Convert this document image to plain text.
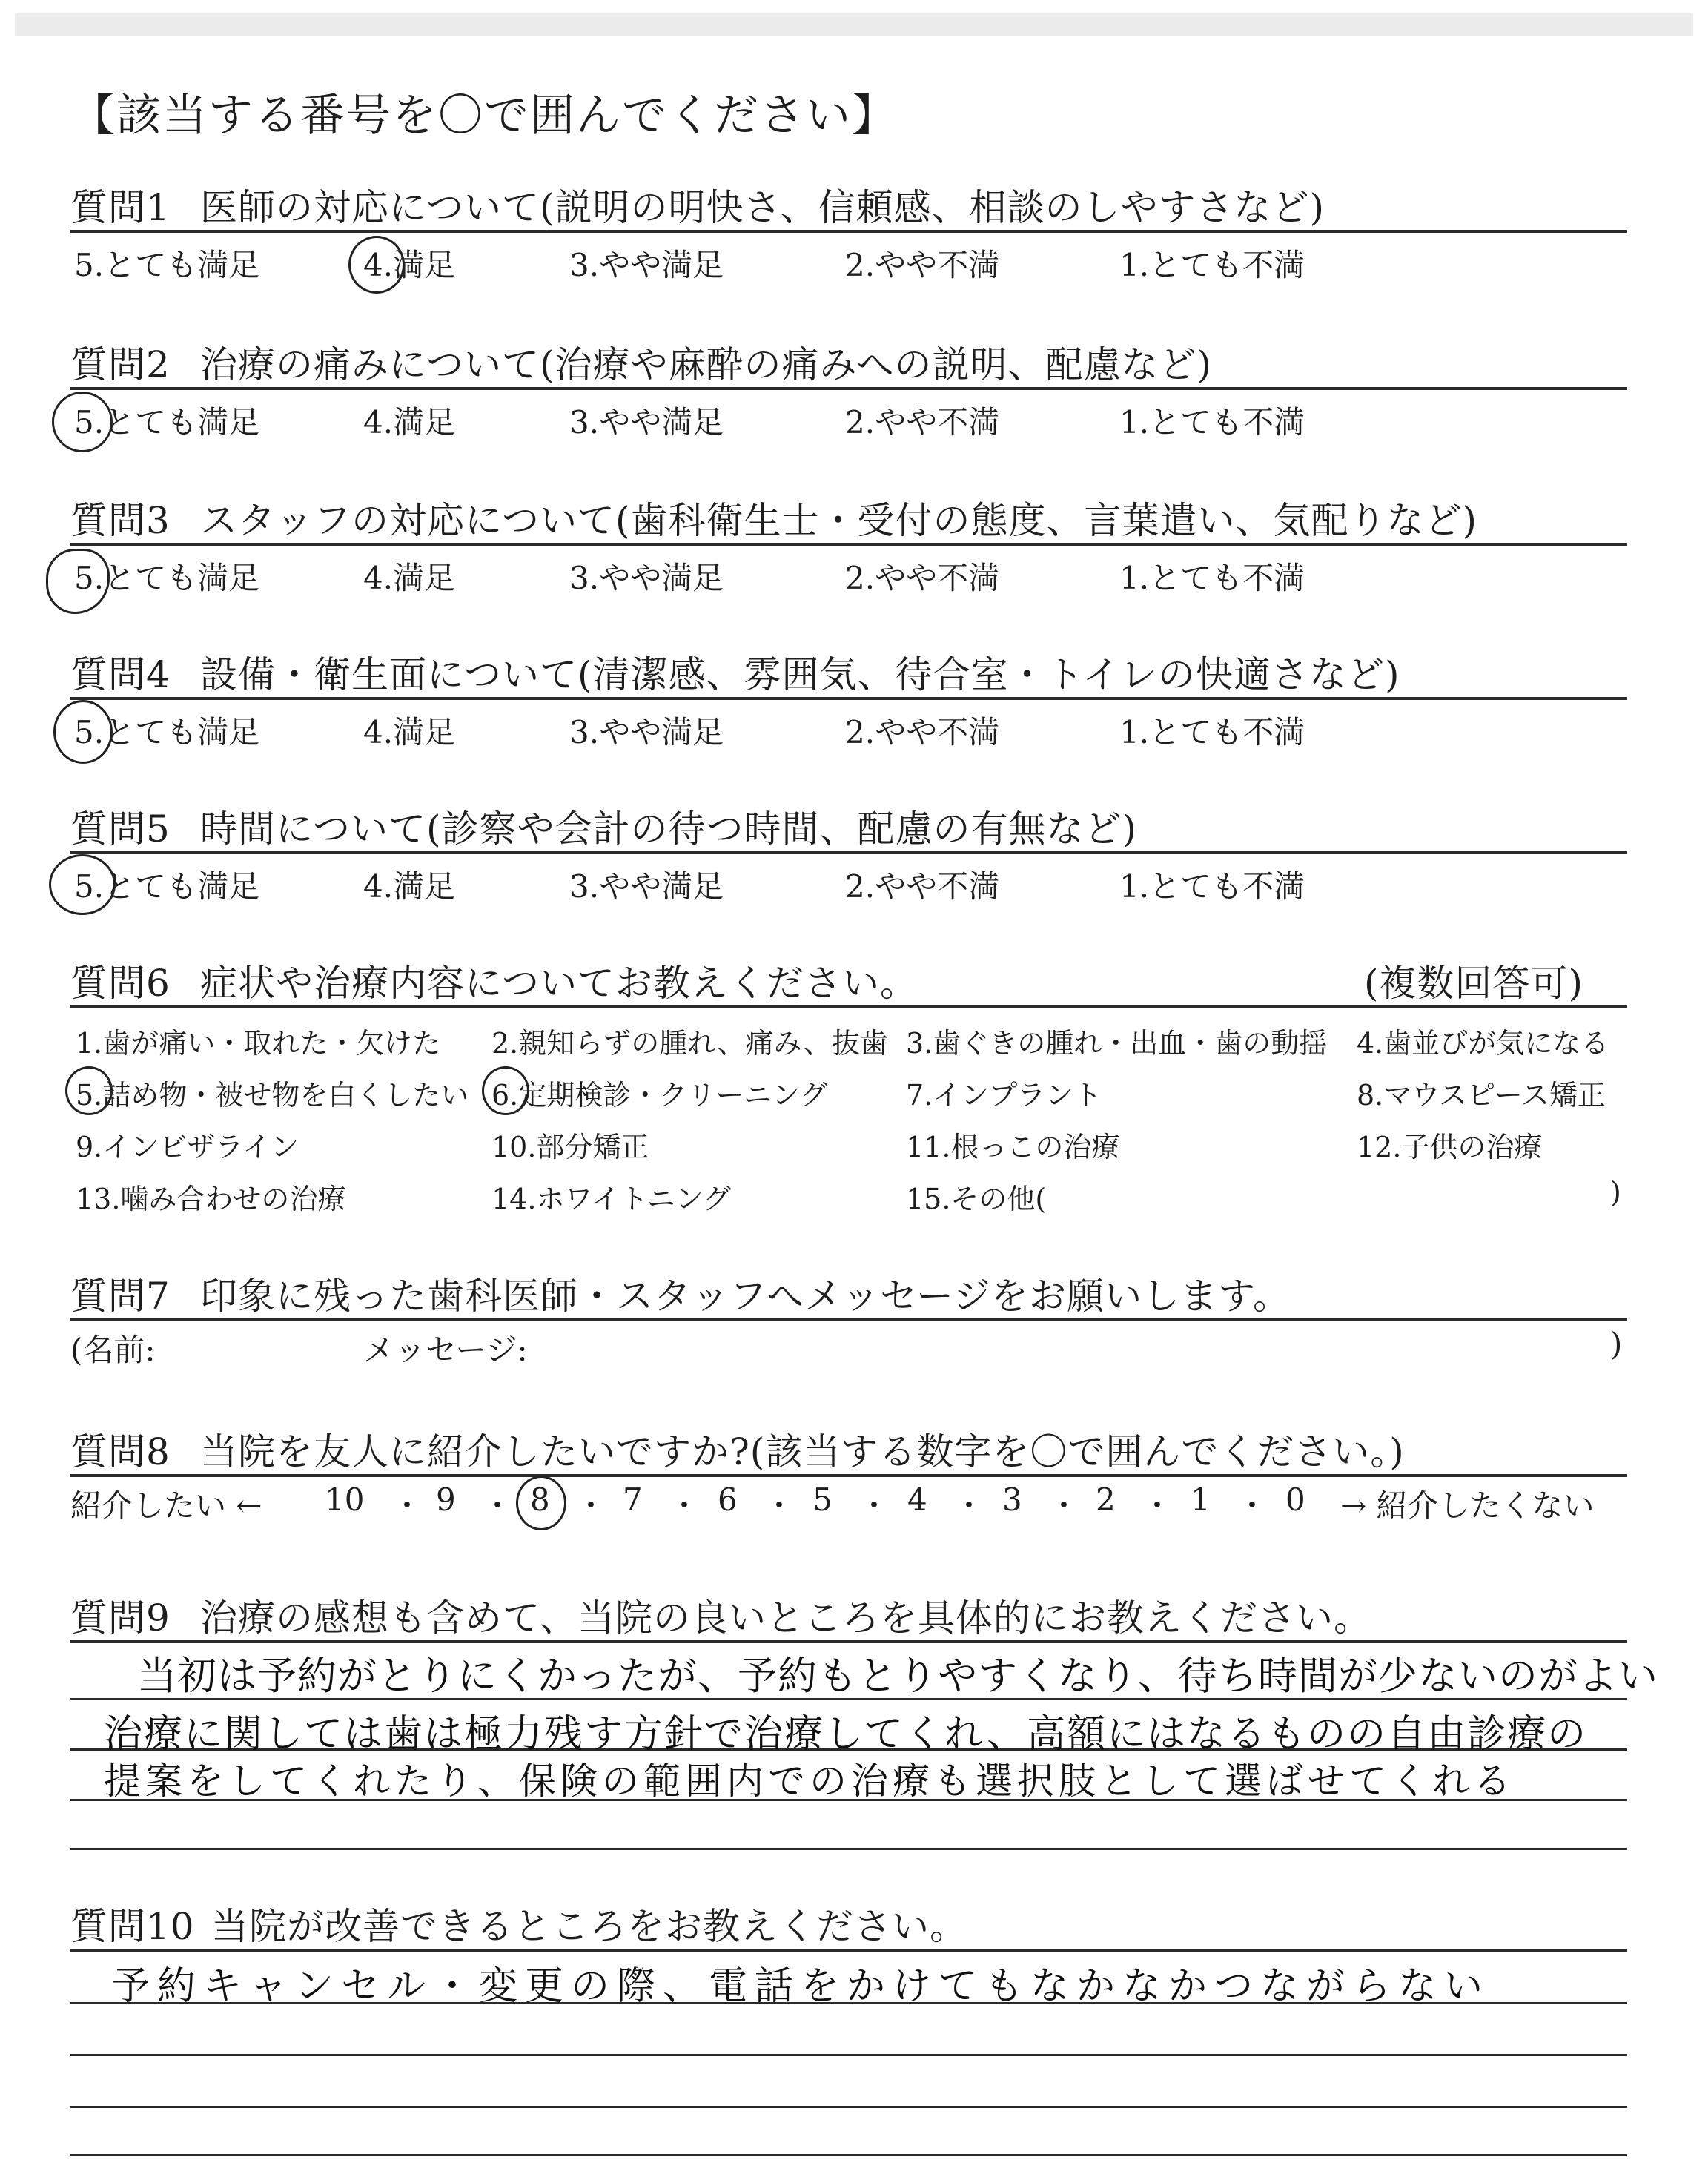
【該当する番号を〇で囲んでください】
質問1 医師の対応について(説明の明快さ、信頼感、相談のしやすさなど)
5.とても満足	4.満足	3.やや満足	2.やや不満	1.とても不満
質問2 治療の痛みについて(治療や麻酔の痛みへの説明、配慮など)
5.とても満足	4.満足	3.やや満足	2.やや不満	1.とても不満
質問3 スタッフの対応について(歯科衛生士・受付の態度、言葉遣い、気配りなど)
5.とても満足	4.満足	3.やや満足	2.やや不満	1.とても不満
質問4 設備・衛生面について(清潔感、雰囲気、待合室・トイレの快適さなど)
5.とても満足	4.満足	3.やや満足	2.やや不満	1.とても不満
質問5 時間について(診察や会計の待つ時間、配慮の有無など)
5.とても満足	4.満足	3.やや満足	2.やや不満	1.とても不満
質問6 症状や治療内容についてお教えください。	(複数回答可)
1.歯が痛い・取れた・欠けた 2.親知らずの腫れ、痛み、抜歯 3.歯ぐきの腫れ・出血・歯の動揺 4.歯並びが気になる
5.詰め物・被せ物を白くしたい 6.定期検診・クリーニング	7.インプラント	8.マウスピース矯正
9.インビザライン	10.部分矯正	11.根っこの治療	12.子供の治療
13.噛み合わせの治療	14.ホワイトニング	15.その他(	)
質問7 印象に残った歯科医師・スタッフへメッセージをお願いします。
(名前:	メッセージ:	)
質問8 当院を友人に紹介したいですか?(該当する数字を〇で囲んでください。)
紹介したい ← 10 ・ 9 ・ 8 ・ 7 ・ 6 ・ 5 ・ 4 ・ 3 ・ 2 ・ 1 ・ 0 → 紹介したくない
質問9 治療の感想も含めて、当院の良いところを具体的にお教えください。
当初は予約がとりにくかったが、予約もとりやすくなり、待ち時間が少ないのがよい
治療に関しては歯は極力残す方針で治療してくれ、高額にはなるものの自由診療の
提案をしてくれたり、保険の範囲内での治療も選択肢として選ばせてくれる
質問10 当院が改善できるところをお教えください。
予約キャンセル・変更の際、電話をかけてもなかなかつながらない
